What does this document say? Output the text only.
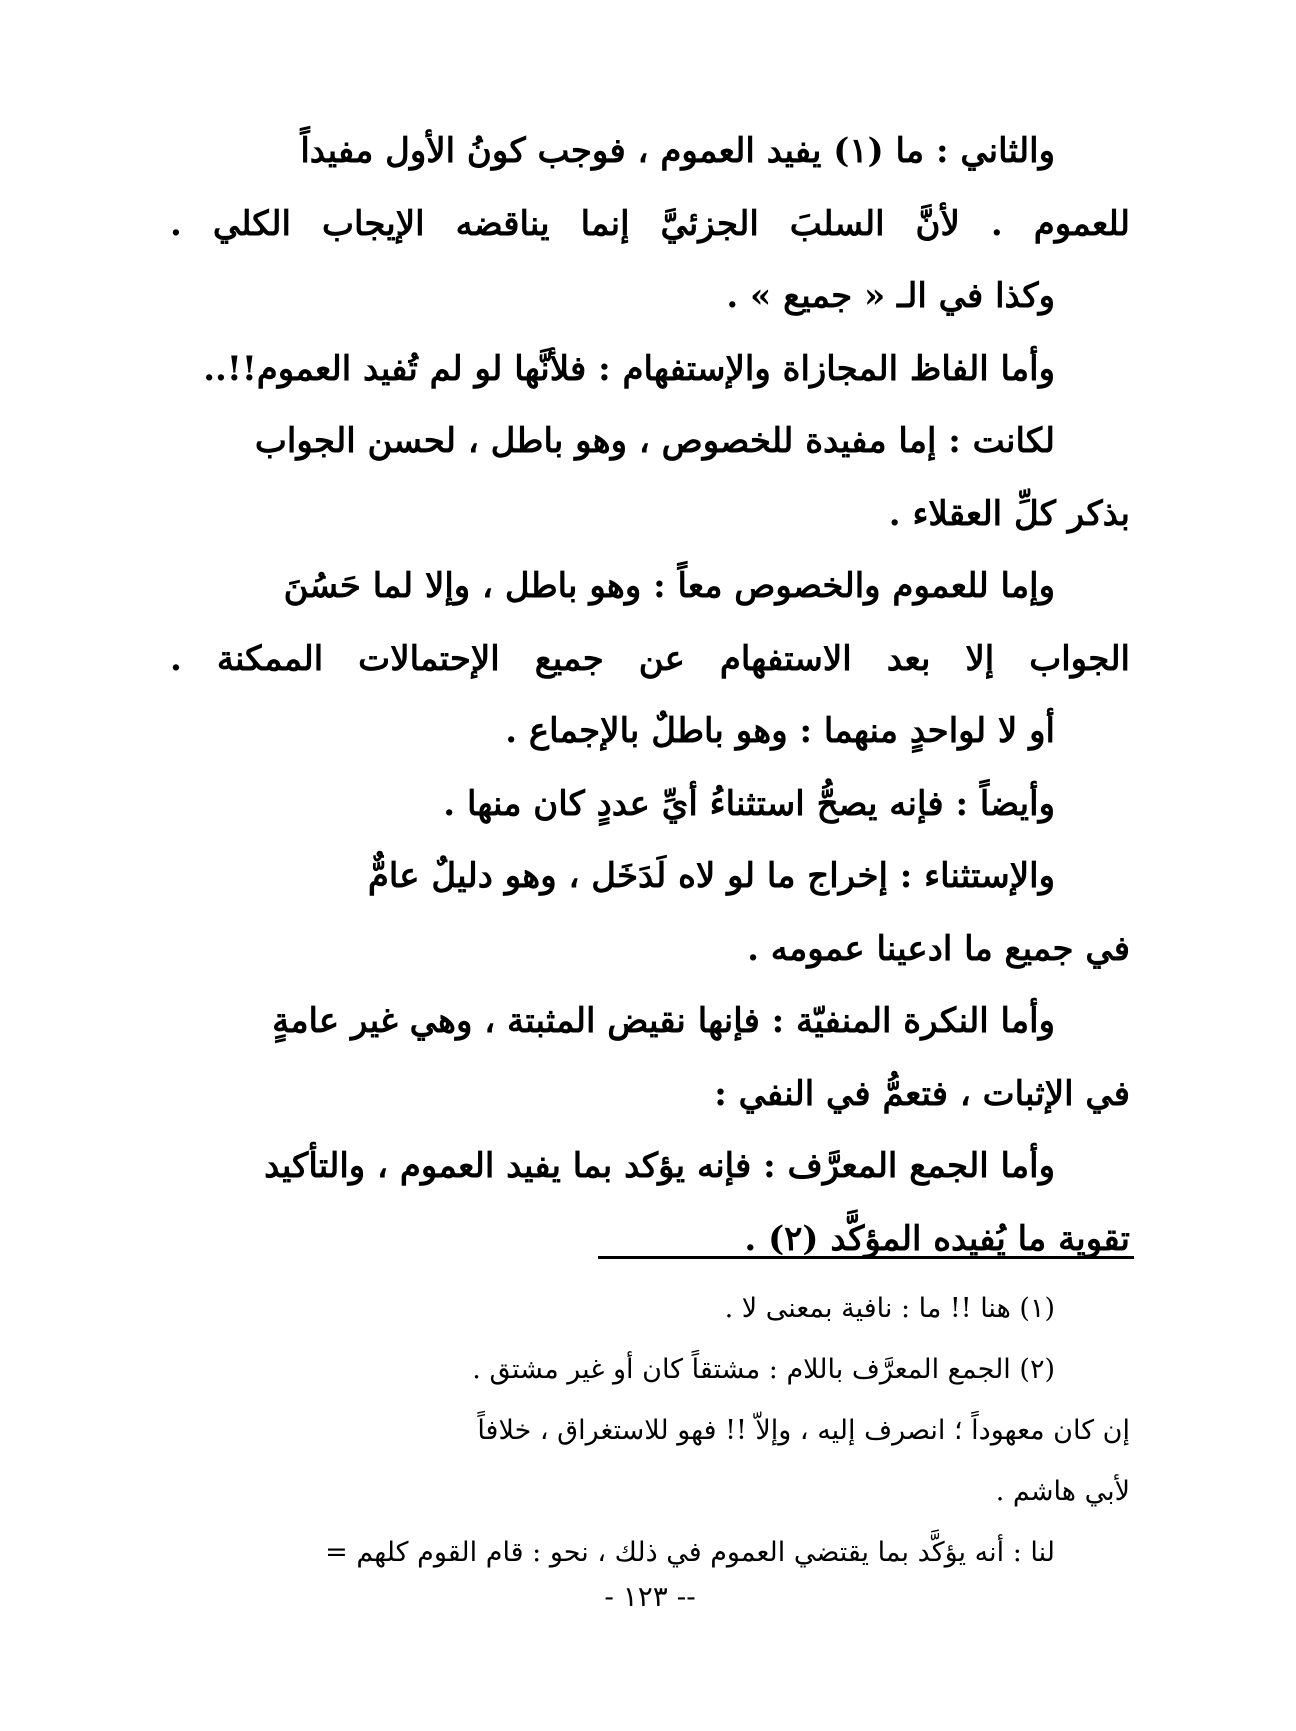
والثاني : ما (١) يفيد العموم ، فوجب كونُ الأول مفيداً
للعموم . لأنَّ السلبَ الجزئيَّ إنما يناقضه الإيجاب الكلي .
وكذا في الـ « جميع » .
وأما الفاظ المجازاة والإستفهام : فلأنَّها لو لم تُفيد العموم!!..
لكانت : إما مفيدة للخصوص ، وهو باطل ، لحسن الجواب
بذكر كلِّ العقلاء .
وإما للعموم والخصوص معاً : وهو باطل ، وإلا لما حَسُنَ
الجواب إلا بعد الاستفهام عن جميع الإحتمالات الممكنة .
أو لا لواحدٍ منهما : وهو باطلٌ بالإجماع .
وأيضاً : فإنه يصحُّ استثناءُ أيِّ عددٍ كان منها .
والإستثناء : إخراج ما لو لاه لَدَخَل ، وهو دليلٌ عامٌّ
في جميع ما ادعينا عمومه .
وأما النكرة المنفيّة : فإنها نقيض المثبتة ، وهي غير عامةٍ
في الإثبات ، فتعمُّ في النفي :
وأما الجمع المعرَّف : فإنه يؤكد بما يفيد العموم ، والتأكيد
تقوية ما يُفيده المؤكَّد (٢) .
(١) هنا !! ما : نافية بمعنى لا .
(٢) الجمع المعرَّف باللام : مشتقاً كان أو غير مشتق .
إن كان معهوداً ؛ انصرف إليه ، وإلاّ !! فهو للاستغراق ، خلافاً
لأبي هاشم .
لنا : أنه يؤكَّد بما يقتضي العموم في ذلك ، نحو : قام القوم كلهم =
-- ١٢٣ -
